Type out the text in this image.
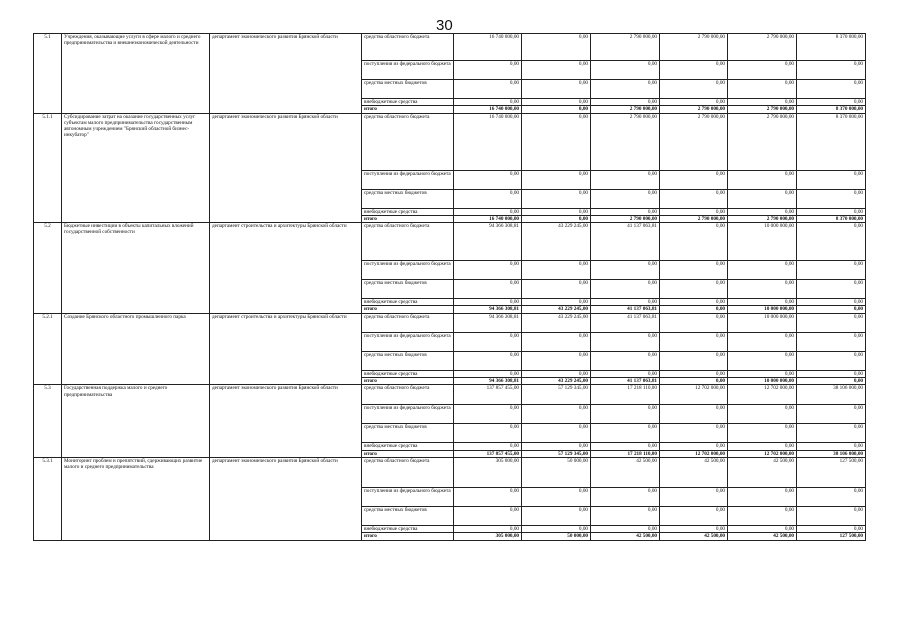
30
5.1	Учреждения, оказывающие услуги в сфере малого и среднего предпринимательства и внешнеэкономической деятельности	департамент экономического развития Брянской области	средства областного бюджета	16 740 000,00	0,00	2 790 000,00	2 790 000,00	2 790 000,00	8 370 000,00
			поступления из федерального бюджета	0,00	0,00	0,00	0,00	0,00	0,00
			средства местных бюджетов	0,00	0,00	0,00	0,00	0,00	0,00
			внебюджетные средства	0,00	0,00	0,00	0,00	0,00	0,00
			итого	16 740 000,00	0,00	2 790 000,00	2 790 000,00	2 790 000,00	8 370 000,00
5.1.1	Субсидирование затрат на оказание государственных услуг субъектам малого предпринимательства государственным автономным учреждением "Брянский областной бизнес-инкубатор"	департамент экономического развития Брянской области	средства областного бюджета	16 740 000,00	0,00	2 790 000,00	2 790 000,00	2 790 000,00	8 370 000,00
			поступления из федерального бюджета	0,00	0,00	0,00	0,00	0,00	0,00
			средства местных бюджетов	0,00	0,00	0,00	0,00	0,00	0,00
			внебюджетные средства	0,00	0,00	0,00	0,00	0,00	0,00
			итого	16 740 000,00	0,00	2 790 000,00	2 790 000,00	2 790 000,00	8 370 000,00
5.2	Бюджетные инвестиции в объекты капитальных вложений государственной собственности	департамент строительства и архитектуры Брянской области	средства областного бюджета	94 366 308,81	43 229 245,00	41 137 063,81	0,00	10 000 000,00	0,00
			поступления из федерального бюджета	0,00	0,00	0,00	0,00	0,00	0,00
			средства местных бюджетов	0,00	0,00	0,00	0,00	0,00	0,00
			внебюджетные средства	0,00	0,00	0,00	0,00	0,00	0,00
			итого	94 366 308,81	43 229 245,00	41 137 063,81	0,00	10 000 000,00	0,00
5.2.1	Создание Брянского областного промышленного парка	департамент строительства и архитектуры Брянской области	средства областного бюджета	94 366 308,81	43 229 245,00	41 137 063,81	0,00	10 000 000,00	0,00
			поступления из федерального бюджета	0,00	0,00	0,00	0,00	0,00	0,00
			средства местных бюджетов	0,00	0,00	0,00	0,00	0,00	0,00
			внебюджетные средства	0,00	0,00	0,00	0,00	0,00	0,00
			итого	94 366 308,81	43 229 245,00	41 137 063,81	0,00	10 000 000,00	0,00
5.3	Государственная поддержка малого и среднего предпринимательства	департамент экономического развития Брянской области	средства областного бюджета	137 857 455,00	57 129 345,00	17 218 110,00	12 702 000,00	12 702 000,00	38 106 000,00
			поступления из федерального бюджета	0,00	0,00	0,00	0,00	0,00	0,00
			средства местных бюджетов	0,00	0,00	0,00	0,00	0,00	0,00
			внебюджетные средства	0,00	0,00	0,00	0,00	0,00	0,00
			итого	137 857 455,00	57 129 345,00	17 218 110,00	12 702 000,00	12 702 000,00	38 106 000,00
5.3.1	Мониторинг проблем и препятствий, сдерживающих развитие малого и среднего предпринимательства	департамент экономического развития Брянской области	средства областного бюджета	305 000,00	50 000,00	42 500,00	42 500,00	42 500,00	127 500,00
			поступления из федерального бюджета	0,00	0,00	0,00	0,00	0,00	0,00
			средства местных бюджетов	0,00	0,00	0,00	0,00	0,00	0,00
			внебюджетные средства	0,00	0,00	0,00	0,00	0,00	0,00
			итого	305 000,00	50 000,00	42 500,00	42 500,00	42 500,00	127 500,00
